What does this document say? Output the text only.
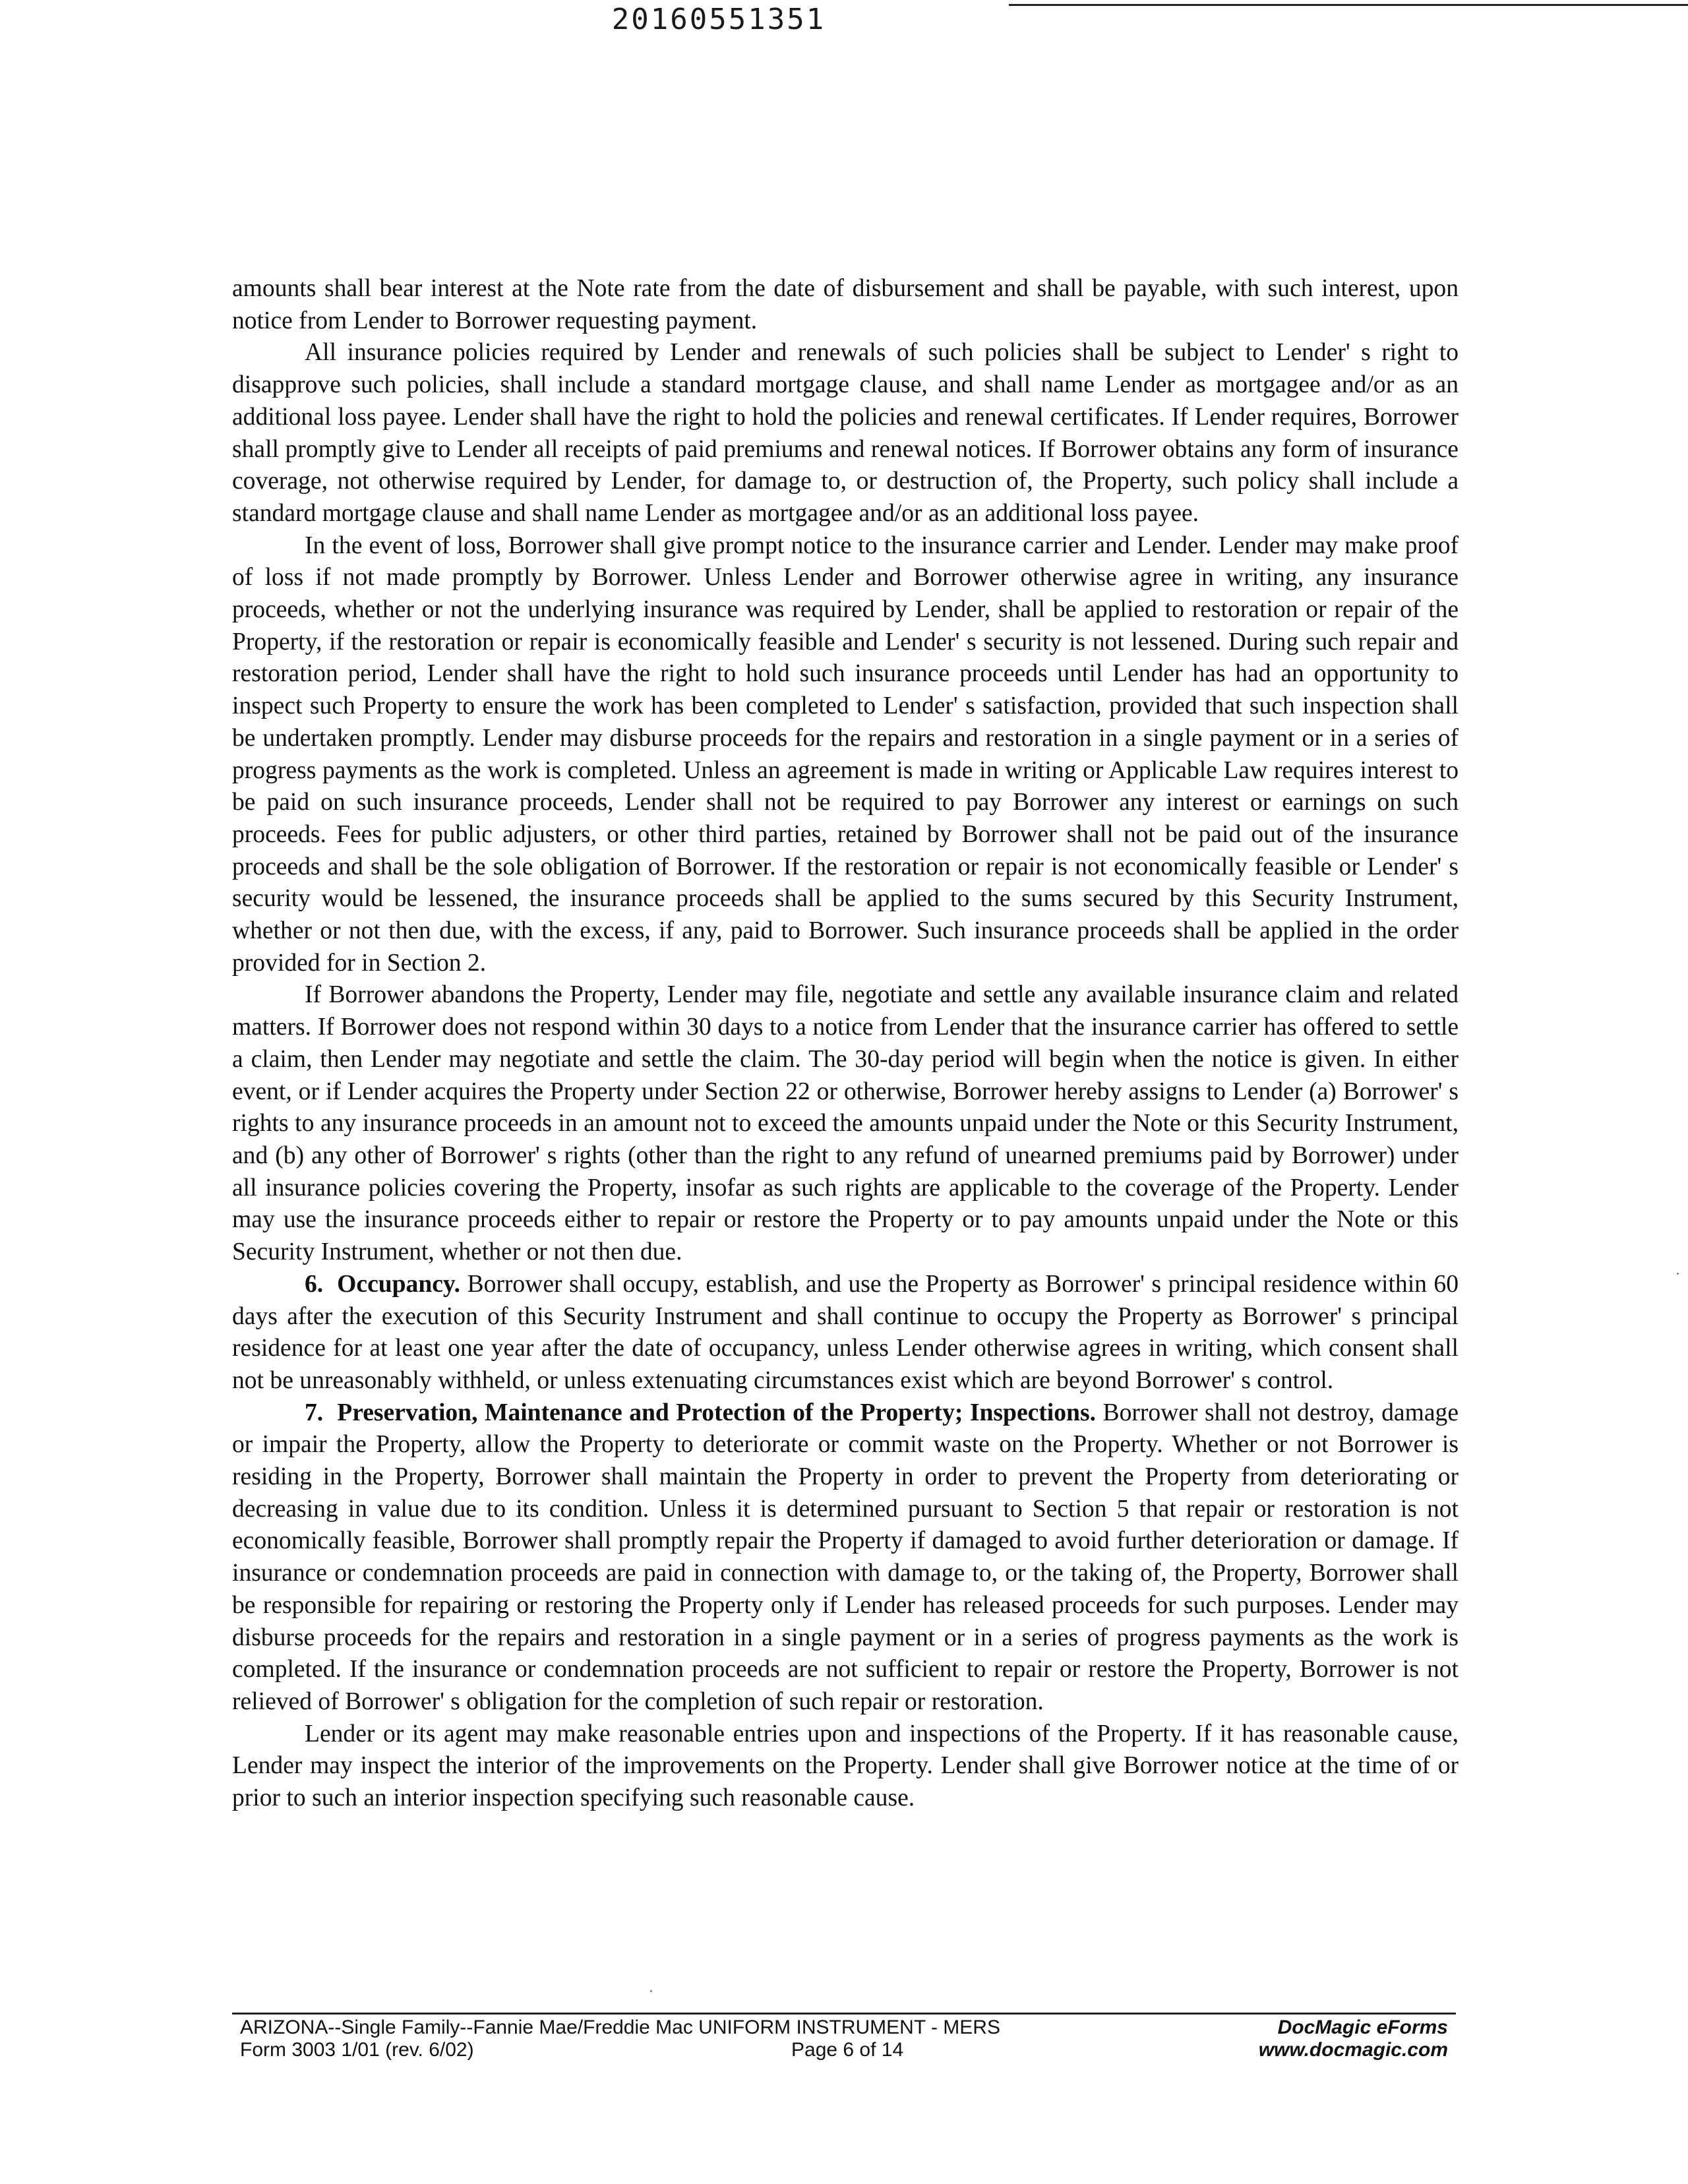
20160551351

amounts shall bear interest at the Note rate from the date of disbursement and shall be payable, with such interest, upon notice from Lender to Borrower requesting payment.

All insurance policies required by Lender and renewals of such policies shall be subject to Lender' s right to disapprove such policies, shall include a standard mortgage clause, and shall name Lender as mortgagee and/or as an additional loss payee. Lender shall have the right to hold the policies and renewal certificates. If Lender requires, Borrower shall promptly give to Lender all receipts of paid premiums and renewal notices. If Borrower obtains any form of insurance coverage, not otherwise required by Lender, for damage to, or destruction of, the Property, such policy shall include a standard mortgage clause and shall name Lender as mortgagee and/or as an additional loss payee.

In the event of loss, Borrower shall give prompt notice to the insurance carrier and Lender. Lender may make proof of loss if not made promptly by Borrower. Unless Lender and Borrower otherwise agree in writing, any insurance proceeds, whether or not the underlying insurance was required by Lender, shall be applied to restoration or repair of the Property, if the restoration or repair is economically feasible and Lender' s security is not lessened. During such repair and restoration period, Lender shall have the right to hold such insurance proceeds until Lender has had an opportunity to inspect such Property to ensure the work has been completed to Lender' s satisfaction, provided that such inspection shall be undertaken promptly. Lender may disburse proceeds for the repairs and restoration in a single payment or in a series of progress payments as the work is completed. Unless an agreement is made in writing or Applicable Law requires interest to be paid on such insurance proceeds, Lender shall not be required to pay Borrower any interest or earnings on such proceeds. Fees for public adjusters, or other third parties, retained by Borrower shall not be paid out of the insurance proceeds and shall be the sole obligation of Borrower. If the restoration or repair is not economically feasible or Lender' s security would be lessened, the insurance proceeds shall be applied to the sums secured by this Security Instrument, whether or not then due, with the excess, if any, paid to Borrower. Such insurance proceeds shall be applied in the order provided for in Section 2.

If Borrower abandons the Property, Lender may file, negotiate and settle any available insurance claim and related matters. If Borrower does not respond within 30 days to a notice from Lender that the insurance carrier has offered to settle a claim, then Lender may negotiate and settle the claim. The 30-day period will begin when the notice is given. In either event, or if Lender acquires the Property under Section 22 or otherwise, Borrower hereby assigns to Lender (a) Borrower' s rights to any insurance proceeds in an amount not to exceed the amounts unpaid under the Note or this Security Instrument, and (b) any other of Borrower' s rights (other than the right to any refund of unearned premiums paid by Borrower) under all insurance policies covering the Property, insofar as such rights are applicable to the coverage of the Property. Lender may use the insurance proceeds either to repair or restore the Property or to pay amounts unpaid under the Note or this Security Instrument, whether or not then due.

6. Occupancy. Borrower shall occupy, establish, and use the Property as Borrower' s principal residence within 60 days after the execution of this Security Instrument and shall continue to occupy the Property as Borrower' s principal residence for at least one year after the date of occupancy, unless Lender otherwise agrees in writing, which consent shall not be unreasonably withheld, or unless extenuating circumstances exist which are beyond Borrower' s control.

7. Preservation, Maintenance and Protection of the Property; Inspections. Borrower shall not destroy, damage or impair the Property, allow the Property to deteriorate or commit waste on the Property. Whether or not Borrower is residing in the Property, Borrower shall maintain the Property in order to prevent the Property from deteriorating or decreasing in value due to its condition. Unless it is determined pursuant to Section 5 that repair or restoration is not economically feasible, Borrower shall promptly repair the Property if damaged to avoid further deterioration or damage. If insurance or condemnation proceeds are paid in connection with damage to, or the taking of, the Property, Borrower shall be responsible for repairing or restoring the Property only if Lender has released proceeds for such purposes. Lender may disburse proceeds for the repairs and restoration in a single payment or in a series of progress payments as the work is completed. If the insurance or condemnation proceeds are not sufficient to repair or restore the Property, Borrower is not relieved of Borrower' s obligation for the completion of such repair or restoration.

Lender or its agent may make reasonable entries upon and inspections of the Property. If it has reasonable cause, Lender may inspect the interior of the improvements on the Property. Lender shall give Borrower notice at the time of or prior to such an interior inspection specifying such reasonable cause.

ARIZONA--Single Family--Fannie Mae/Freddie Mac UNIFORM INSTRUMENT - MERS
Form 3003 1/01 (rev. 6/02)	Page 6 of 14
DocMagic eForms
www.docmagic.com
